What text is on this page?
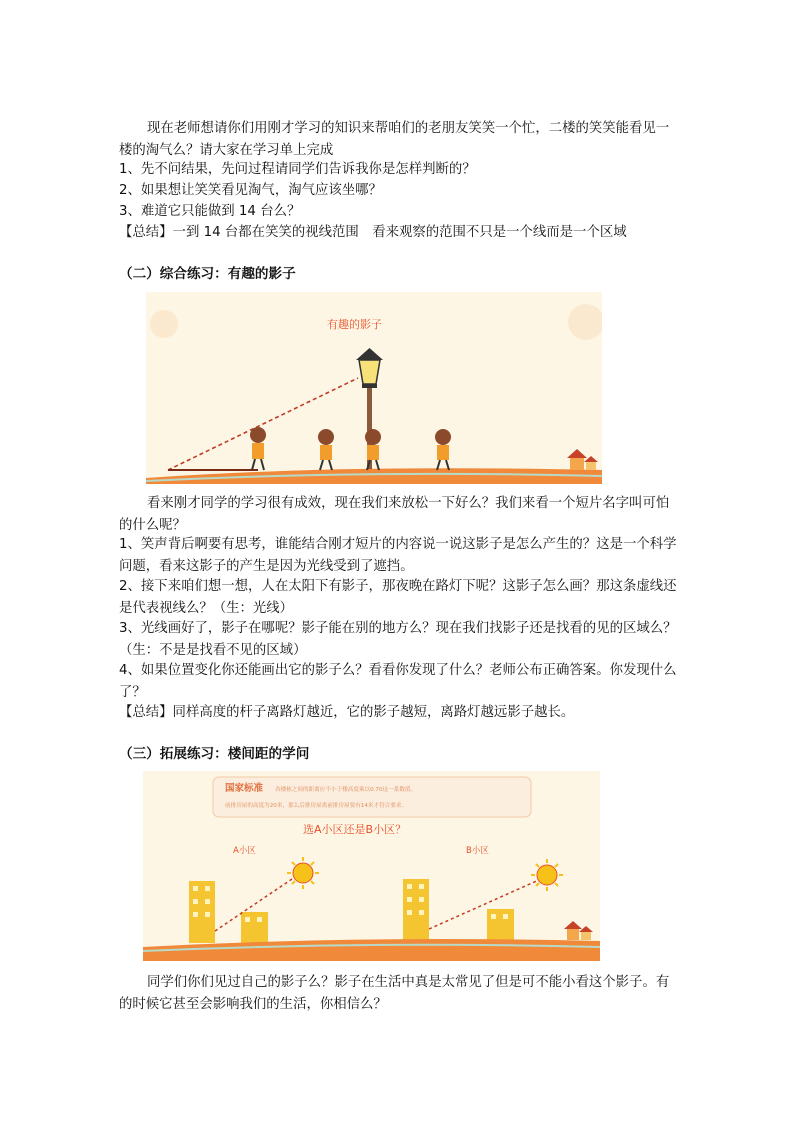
现在老师想请你们用刚才学习的知识来帮咱们的老朋友笑笑一个忙，二楼的笑笑能看见一楼的淘气么？请大家在学习单上完成
1、先不问结果，先问过程请同学们告诉我你是怎样判断的？
2、如果想让笑笑看见淘气，淘气应该坐哪？
3、难道它只能做到 14 台么？
【总结】一到 14 台都在笑笑的视线范围　看来观察的范围不只是一个线而是一个区域
（二）综合练习：有趣的影子
有趣的影子
看来刚才同学的学习很有成效，现在我们来放松一下好么？我们来看一个短片名字叫可怕的什么呢？
1、笑声背后啊要有思考，谁能结合刚才短片的内容说一说这影子是怎么产生的？这是一个科学问题，看来这影子的产生是因为光线受到了遮挡。
2、接下来咱们想一想，人在太阳下有影子，那夜晚在路灯下呢？这影子怎么画？那这条虚线还是代表视线么？（生：光线）
3、光线画好了，影子在哪呢？影子能在别的地方么？现在我们找影子还是找看的见的区域么？（生：不是是找看不见的区域）
4、如果位置变化你还能画出它的影子么？看看你发现了什么？老师公布正确答案。你发现什么了？
【总结】同样高度的杆子离路灯越近，它的影子越短，离路灯越远影子越长。
（三）拓展练习：楼间距的学问
国家标准 各楼栋之间的距离应不小于楼高度乘以0.70这一系数值。
前排房屋的高度为20米，那么后排房屋离前排房屋要有14米才符合要求。
选A小区还是B小区？
A小区	B小区
同学们你们见过自己的影子么？影子在生活中真是太常见了但是可不能小看这个影子。有的时候它甚至会影响我们的生活，你相信么？
